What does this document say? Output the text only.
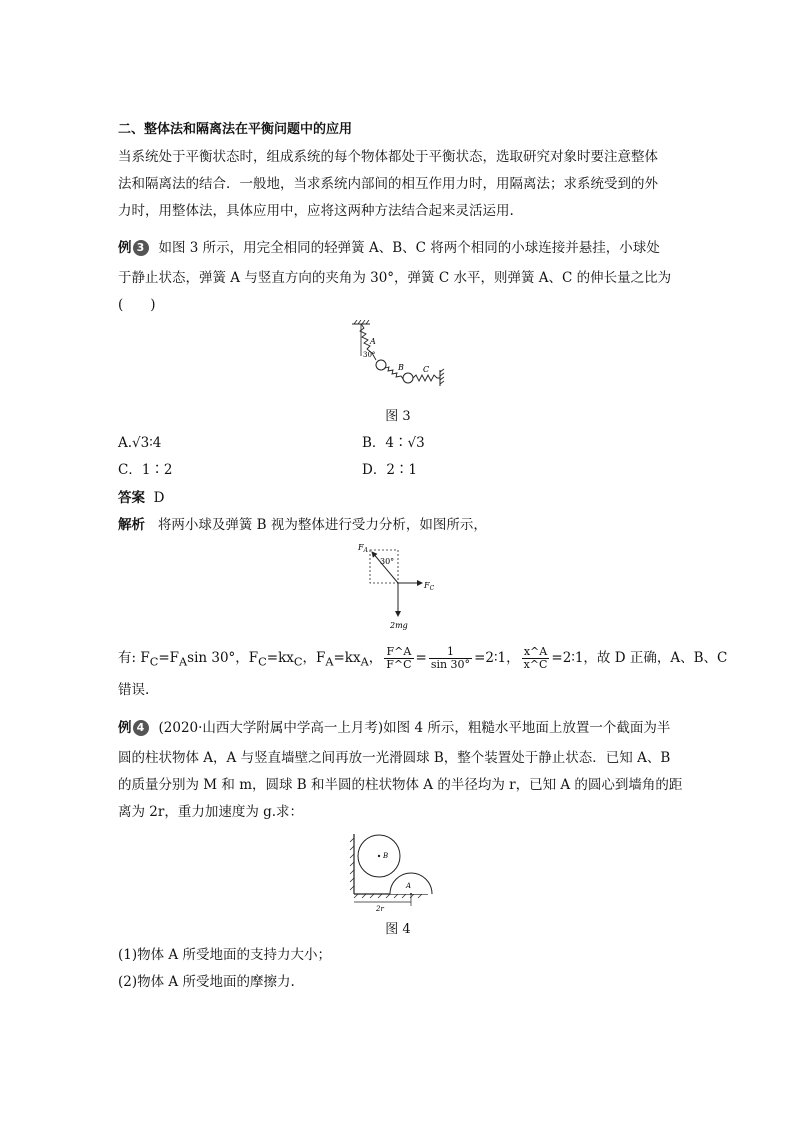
二、整体法和隔离法在平衡问题中的应用
当系统处于平衡状态时，组成系统的每个物体都处于平衡状态，选取研究对象时要注意整体
法和隔离法的结合．一般地，当求系统内部间的相互作用力时，用隔离法；求系统受到的外
力时，用整体法，具体应用中，应将这两种方法结合起来灵活运用.
例 3	如图 3 所示，用完全相同的轻弹簧 A、B、C 将两个相同的小球连接并悬挂，小球处
于静止状态，弹簧 A 与竖直方向的夹角为 30°，弹簧 C 水平，则弹簧 A、C 的伸长量之比为
(　　)
A
30°
B C
图 3
A.√3∶4	B．4∶√3
C．1∶2	D．2∶1
答案 D
解析 将两小球及弹簧 B 视为整体进行受力分析，如图所示，
$F_A$
30°
$F_C$
2mg
有: $F_C=F_A\sin$ 30°，$F_C=kx_C$，$F_A=kx_A$， $\frac{F\^{}A}{F\^{}C} = \frac{1}{\sin 30^\circ}$ =2∶1， $\frac{x\^{}A}{x\^{}C}$ =2∶1，故 D 正确，A、B、C
错误.
例 4	(2020·山西大学附属中学高一上月考)如图 4 所示，粗糙水平地面上放置一个截面为半
圆的柱状物体 A，A 与竖直墙壁之间再放一光滑圆球 B，整个装置处于静止状态．已知 A、B
的质量分别为 M 和 m，圆球 B 和半圆的柱状物体 A 的半径均为 r，已知 A 的圆心到墙角的距
离为 2r，重力加速度为 g.求：
B
A
2r
图 4
(1)物体 A 所受地面的支持力大小；
(2)物体 A 所受地面的摩擦力.
